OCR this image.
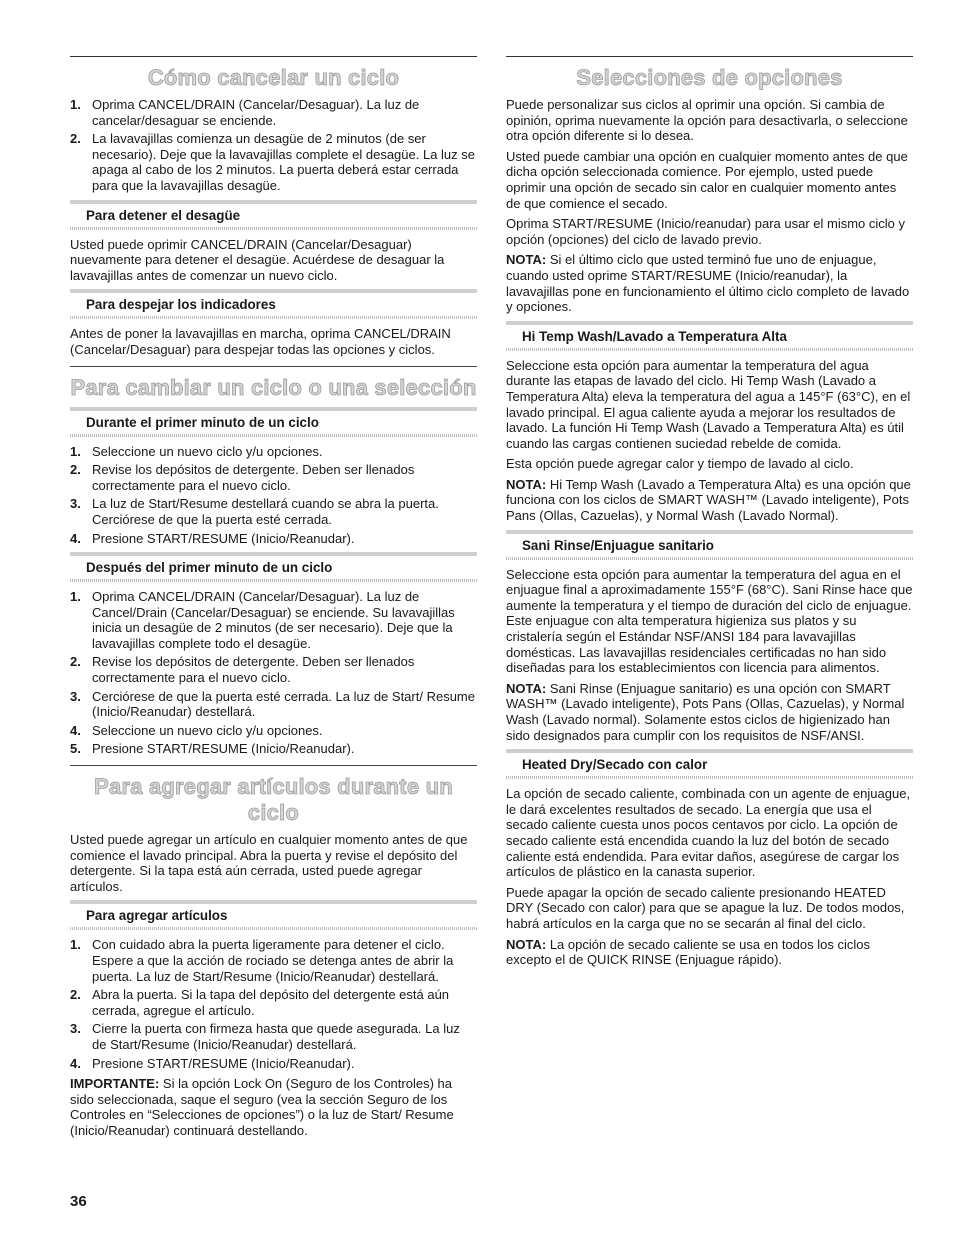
Cómo cancelar un ciclo
1. Oprima CANCEL/DRAIN (Cancelar/Desaguar). La luz de cancelar/desaguar se enciende.
2. La lavavajillas comienza un desagüe de 2 minutos (de ser necesario). Deje que la lavavajillas complete el desagüe. La luz se apaga al cabo de los 2 minutos. La puerta deberá estar cerrada para que la lavavajillas desagüe.
Para detener el desagüe

Usted puede oprimir CANCEL/DRAIN (Cancelar/Desaguar) nuevamente para detener el desagüe. Acuérdese de desaguar la lavavajillas antes de comenzar un nuevo ciclo.

Para despejar los indicadores

Antes de poner la lavavajillas en marcha, oprima CANCEL/DRAIN (Cancelar/Desaguar) para despejar todas las opciones y ciclos.

Para cambiar un ciclo o una selección
Durante el primer minuto de un ciclo
1. Seleccione un nuevo ciclo y/u opciones.
2. Revise los depósitos de detergente. Deben ser llenados correctamente para el nuevo ciclo.
3. La luz de Start/Resume destellará cuando se abra la puerta. Cerciórese de que la puerta esté cerrada.
4. Presione START/RESUME (Inicio/Reanudar).
Después del primer minuto de un ciclo
1. Oprima CANCEL/DRAIN (Cancelar/Desaguar). La luz de Cancel/Drain (Cancelar/Desaguar) se enciende. Su lavavajillas inicia un desagüe de 2 minutos (de ser necesario). Deje que la lavavajillas complete todo el desagüe.
2. Revise los depósitos de detergente. Deben ser llenados correctamente para el nuevo ciclo.
3. Cerciórese de que la puerta esté cerrada. La luz de Start/ Resume (Inicio/Reanudar) destellará.
4. Seleccione un nuevo ciclo y/u opciones.
5. Presione START/RESUME (Inicio/Reanudar).
Para agregar artículos durante un ciclo

Usted puede agregar un artículo en cualquier momento antes de que comience el lavado principal. Abra la puerta y revise el depósito del detergente. Si la tapa está aún cerrada, usted puede agregar artículos.

Para agregar artículos
1. Con cuidado abra la puerta ligeramente para detener el ciclo. Espere a que la acción de rociado se detenga antes de abrir la puerta. La luz de Start/Resume (Inicio/Reanudar) destellará.
2. Abra la puerta. Si la tapa del depósito del detergente está aún cerrada, agregue el artículo.
3. Cierre la puerta con firmeza hasta que quede asegurada. La luz de Start/Resume (Inicio/Reanudar) destellará.
4. Presione START/RESUME (Inicio/Reanudar).

IMPORTANTE: Si la opción Lock On (Seguro de los Controles) ha sido seleccionada, saque el seguro (vea la sección Seguro de los Controles en “Selecciones de opciones”) o la luz de Start/ Resume (Inicio/Reanudar) continuará destellando.

36
Selecciones de opciones

Puede personalizar sus ciclos al oprimir una opción. Si cambia de opinión, oprima nuevamente la opción para desactivarla, o seleccione otra opción diferente si lo desea.

Usted puede cambiar una opción en cualquier momento antes de que dicha opción seleccionada comience. Por ejemplo, usted puede oprimir una opción de secado sin calor en cualquier momento antes de que comience el secado.

Oprima START/RESUME (Inicio/reanudar) para usar el mismo ciclo y opción (opciones) del ciclo de lavado previo.

NOTA: Si el último ciclo que usted terminó fue uno de enjuague, cuando usted oprime START/RESUME (Inicio/reanudar), la lavavajillas pone en funcionamiento el último ciclo completo de lavado y opciones.

Hi Temp Wash/Lavado a Temperatura Alta

Seleccione esta opción para aumentar la temperatura del agua durante las etapas de lavado del ciclo. Hi Temp Wash (Lavado a Temperatura Alta) eleva la temperatura del agua a 145°F (63°C), en el lavado principal. El agua caliente ayuda a mejorar los resultados de lavado. La función Hi Temp Wash (Lavado a Temperatura Alta) es útil cuando las cargas contienen suciedad rebelde de comida.

Esta opción puede agregar calor y tiempo de lavado al ciclo.

NOTA: Hi Temp Wash (Lavado a Temperatura Alta) es una opción que funciona con los ciclos de SMART WASH™ (Lavado inteligente), Pots Pans (Ollas, Cazuelas), y Normal Wash (Lavado Normal).

Sani Rinse/Enjuague sanitario

Seleccione esta opción para aumentar la temperatura del agua en el enjuague final a aproximadamente 155°F (68°C). Sani Rinse hace que aumente la temperatura y el tiempo de duración del ciclo de enjuague. Este enjuague con alta temperatura higieniza sus platos y su cristalería según el Estándar NSF/ANSI 184 para lavavajillas domésticas. Las lavavajillas residenciales certificadas no han sido diseñadas para los establecimientos con licencia para alimentos.

NOTA: Sani Rinse (Enjuague sanitario) es una opción con SMART WASH™ (Lavado inteligente), Pots Pans (Ollas, Cazuelas), y Normal Wash (Lavado normal). Solamente estos ciclos de higienizado han sido designados para cumplir con los requisitos de NSF/ANSI.

Heated Dry/Secado con calor

La opción de secado caliente, combinada con un agente de enjuague, le dará excelentes resultados de secado. La energía que usa el secado caliente cuesta unos pocos centavos por ciclo. La opción de secado caliente está encendida cuando la luz del botón de secado caliente está endendida. Para evitar daños, asegúrese de cargar los artículos de plástico en la canasta superior.

Puede apagar la opción de secado caliente presionando HEATED DRY (Secado con calor) para que se apague la luz. De todos modos, habrá artículos en la carga que no se secarán al final del ciclo.

NOTA: La opción de secado caliente se usa en todos los ciclos excepto el de QUICK RINSE (Enjuague rápido).
